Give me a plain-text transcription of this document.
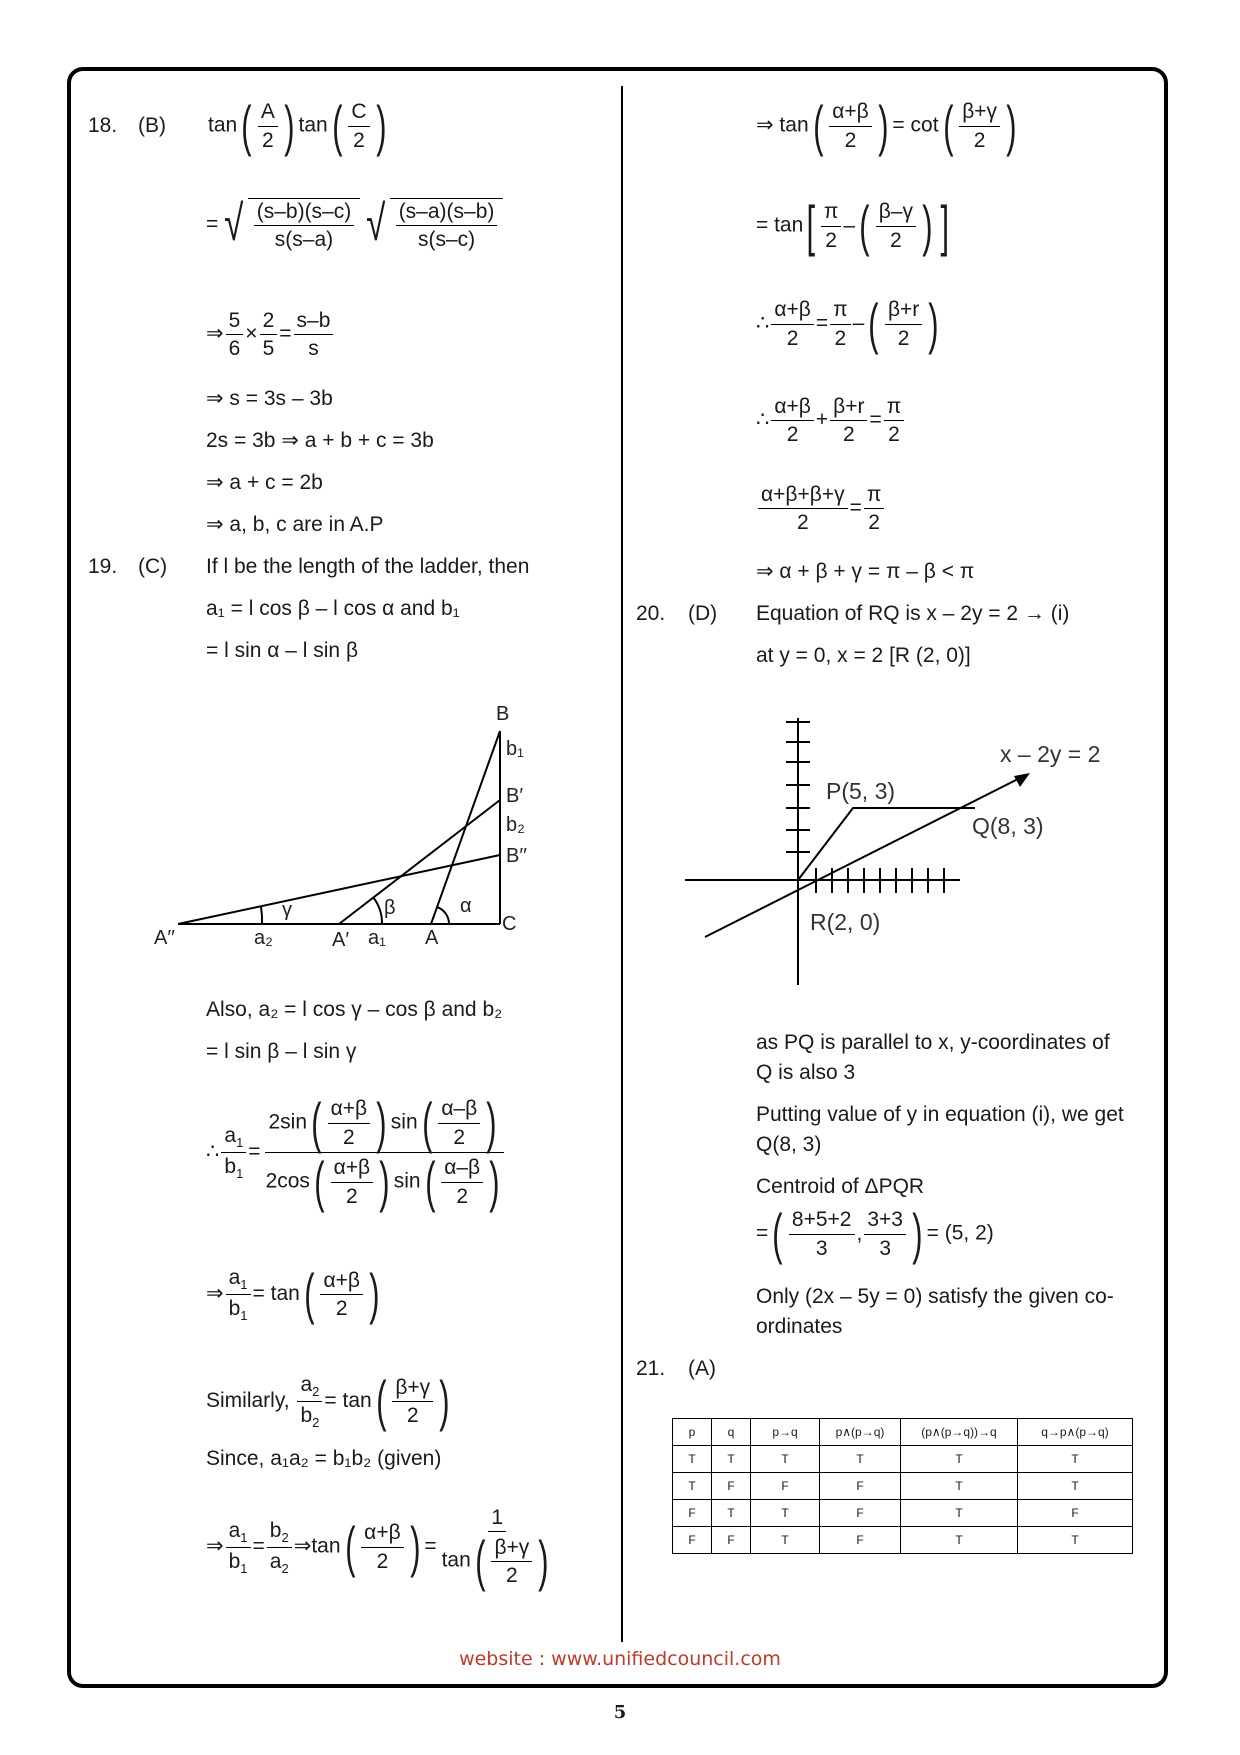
18. (B) tan ( A
2 ) tan ( C
2 )
= √ (s–b)(s–c)
s(s–a) √ (s–a)(s–b)
s(s–c)
⇒ $\frac{5}{6} \times \frac{2}{5} = \frac{s-b}{s}$
⇒ s = 3s – 3b
2s = 3b ⇒ a + b + c = 3b
⇒ a + c = 2b
⇒ a, b, c are in A.P
19. (C) If l be the length of the ladder, then
a₁ = l cos β – l cos α and b₁
= l sin α – l sin β
B
b₁
B′
b₂
B′′
A′′	a₂	A′ a₁ A
C
γ	β	α
Also, a₂ = l cos γ – cos β and b₂
= l sin β – l sin γ
∴ $\frac{a_1}{b_1} = 2\sin$ ( α+β
2 ) sin ( α–β
2 )
2cos ( α+β
2 ) sin ( α–β
2 )
⇒ $\frac{a_1}{b_1} = \tan$ ( α+β
2 )
Similarly, $\frac{a_2}{b_2} = \tan$ ( β+γ
2 )
Since, a₁a₂ = b₁b₂ (given)
⇒ $\frac{a_1}{b_1} = \frac{b_2}{a_2}$ ⇒tan ( α+β
2 ) = 1
tan ( β+γ
2 )
⇒ tan ( α+β
2 ) = cot ( β+γ
2 )
= tan [ π
2
– ( β–γ
2 ) ]
∴ $\frac{\alpha+\beta}{2} = \frac{\pi}{2}$ – ( β+r
2 )
∴ $\frac{\alpha+\beta}{2} + \frac{\beta+r}{2} = \frac{\pi}{2}$
$\frac{\alpha+\beta+\beta+\gamma}{2} = \frac{\pi}{2}$
⇒ α + β + γ = π – β < π
20. (D) Equation of RQ is x – 2y = 2 → (i)
at y = 0, x = 2 [R (2, 0)]
x – 2y = 2
P(5, 3)
Q(8, 3)
R(2, 0)
as PQ is parallel to x, y-coordinates of
Q is also 3
Putting value of y in equation (i), we get
Q(8, 3)
Centroid of ΔPQR
= ( 8+5+2
3
,
3+3
3 ) = (5, 2)
Only (2x – 5y = 0) satisfy the given co-
ordinates
21. (A)
p	q	p→q	p∧(p→q)	(p∧(p→q))→q	q→p∧(p→q)
T	T	T	T	T	T
T	F	F	F	T	T
F	T	T	F	T	F
F	F	T	F	T	T
website : www.unifiedcouncil.com
5
